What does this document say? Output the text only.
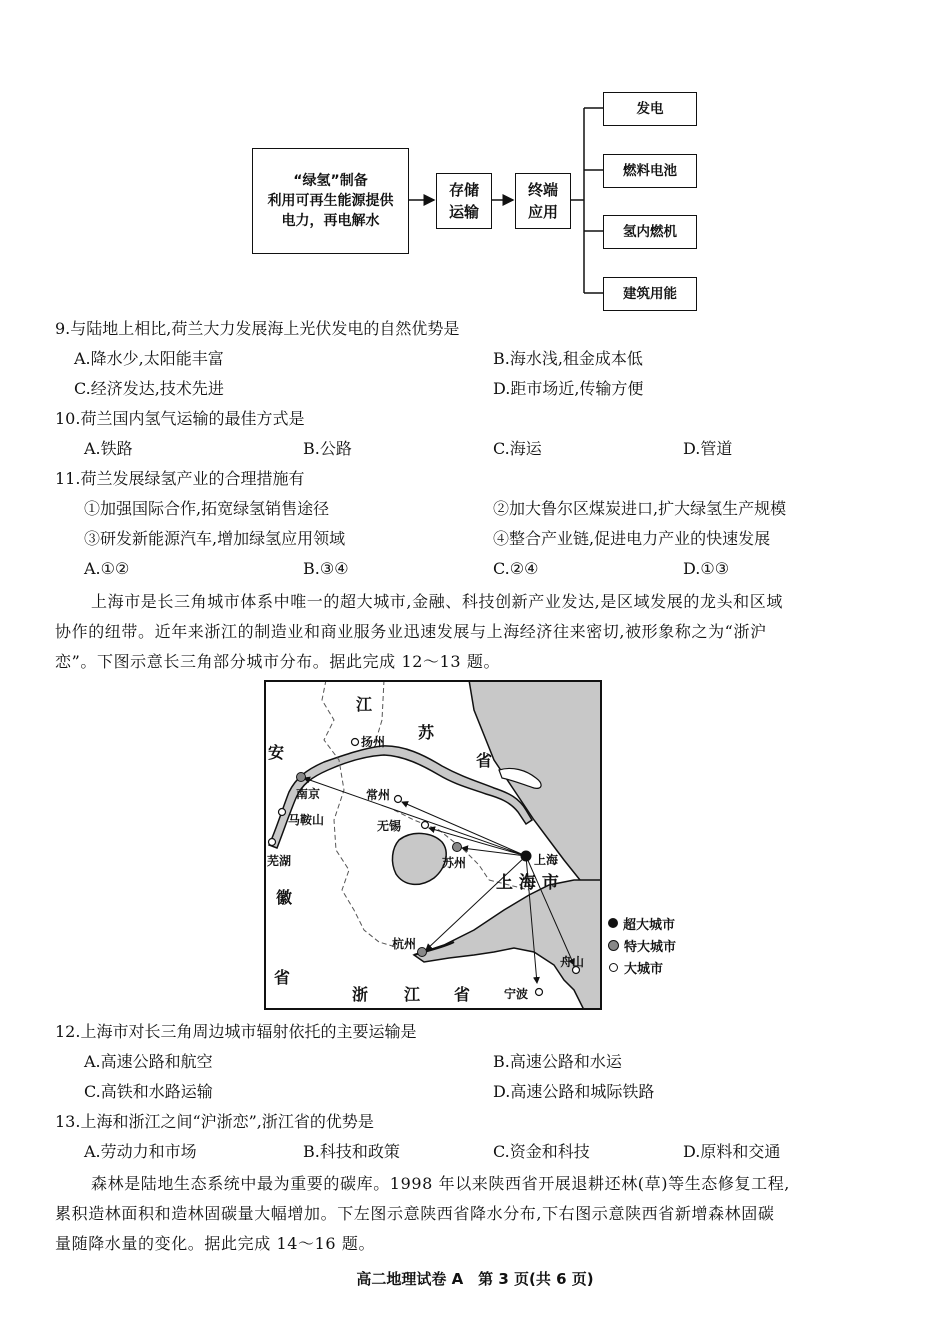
“绿氢”制备
利用可再生能源提供
电力，再电解水
存储
运输
终端
应用
发电
燃料电池
氢内燃机
建筑用能
9.与陆地上相比,荷兰大力发展海上光伏发电的自然优势是
A.降水少,太阳能丰富	B.海水浅,租金成本低
C.经济发达,技术先进	D.距市场近,传输方便
10.荷兰国内氢气运输的最佳方式是
A.铁路	B.公路	C.海运	D.管道
11.荷兰发展绿氢产业的合理措施有
①加强国际合作,拓宽绿氢销售途径	②加大鲁尔区煤炭进口,扩大绿氢生产规模
③研发新能源汽车,增加绿氢应用领域	④整合产业链,促进电力产业的快速发展
A.①②	B.③④	C.②④	D.①③
上海市是长三角城市体系中唯一的超大城市,金融、科技创新产业发达,是区域发展的龙头和区域
协作的纽带。近年来浙江的制造业和商业服务业迅速发展与上海经济往来密切,被形象称之为“浙沪
恋”。下图示意长三角部分城市分布。据此完成 12～13 题。
江
苏
省
安
徽
省
浙 江 省
上 海 市
扬州
南京	常州
马鞍山	无锡
苏州	上海
芜湖
杭州
舟山
宁波
超大城市
特大城市
大城市
12.上海市对长三角周边城市辐射依托的主要运输是
A.高速公路和航空	B.高速公路和水运
C.高铁和水路运输	D.高速公路和城际铁路
13.上海和浙江之间“沪浙恋”,浙江省的优势是
A.劳动力和市场	B.科技和政策	C.资金和科技	D.原料和交通
森林是陆地生态系统中最为重要的碳库。1998 年以来陕西省开展退耕还林(草)等生态修复工程,
累积造林面积和造林固碳量大幅增加。下左图示意陕西省降水分布,下右图示意陕西省新增森林固碳
量随降水量的变化。据此完成 14～16 题。
高二地理试卷 A　第 3 页(共 6 页)
